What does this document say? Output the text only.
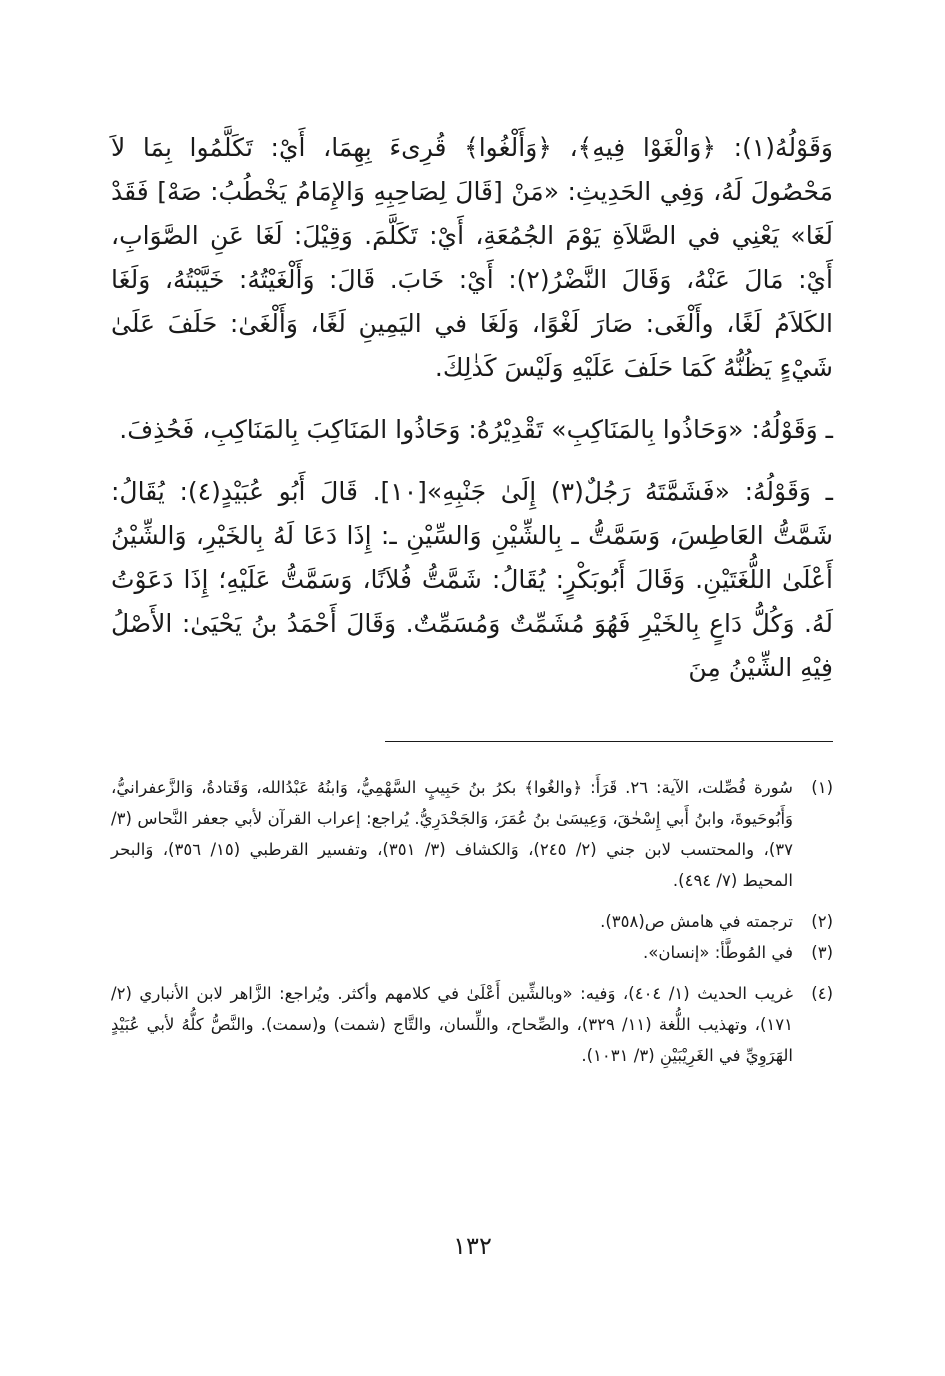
وَقَوْلُهُ(١): ﴿وَالْغَوْا فِيهِ﴾، ﴿وَأَلْغُوا﴾ قُرِىءَ بِهِمَا، أَيْ: تَكَلَّمُوا بِمَا لاَ مَحْصُولَ لَهُ، وَفِي الحَدِيثِ: «مَنْ [قَالَ لِصَاحِبِهِ وَالإِمَامُ يَخْطُبُ: صَهْ] فَقَدْ لَغَا» يَعْنِي في الصَّلاَةِ يَوْمَ الجُمُعَةِ، أَيْ: تَكَلَّمَ. وَقِيْلَ: لَغَا عَنِ الصَّوَابِ، أَيْ: مَالَ عَنْهُ، وَقَالَ النَّضْرُ(٢): أَيْ: خَابَ. قَالَ: وَأَلْغَيْتُهُ: خَيَّبْتُهُ، وَلَغَا الكَلاَمُ لَغًا، وأَلْغَى: صَارَ لَغْوًا، وَلَغَا في اليَمِينِ لَغًا، وَأَلْغَىٰ: حَلَفَ عَلَىٰ شَيْءٍ يَظُنُّهُ كَمَا حَلَفَ عَلَيْهِ وَلَيْسَ كَذٰلِكَ.

ـ وَقَوْلُهُ: «وَحَاذُوا بِالمَنَاكِبِ» تَقْدِيْرُهُ: وَحَاذُوا المَنَاكِبَ بِالمَنَاكِبِ، فَحُذِفَ.

ـ وَقَوْلُهُ: «فَشَمَّتَهُ رَجُلٌ(٣) إِلَىٰ جَنْبِهِ»[١٠]. قَالَ أَبُو عُبَيْدٍ(٤): يُقَالُ: شَمَّتُّ العَاطِسَ، وَسَمَّتُّ ـ بِالشِّيْنِ وَالسِّيْنِ ـ: إِذَا دَعَا لَهُ بِالخَيْرِ، وَالشِّيْنُ أَعْلَىٰ اللُّغَتَيْنِ. وَقَالَ أَبُوبَكْرٍ: يُقَالُ: شَمَّتُّ فُلاَنًا، وَسَمَّتُّ عَلَيْهِ؛ إِذَا دَعَوْتُ لَهُ. وَكُلُّ دَاعٍ بِالخَيْرِ فَهُوَ مُشَمِّتٌ وَمُسَمِّتٌ. وَقَالَ أَحْمَدُ بنُ يَحْيَىٰ: الأَصْلُ فِيْهِ الشِّيْنُ مِنَ

(١)
سُورة فُصِّلت، الآية: ٢٦. قَرَأَ: ﴿والغُوا﴾ بكرُ بنُ حَبِيبٍ السَّهْمِيُّ، وَابنُهُ عَبْدُالله، وَقَتادةُ، وَالزَّعفرانيُّ، وَأَبُوحَيوةَ، وابنُ أَبي إِسْحٰقَ، وَعِيسَىٰ بنُ عُمَرَ، وَالجَحْدَرِيُّ. يُراجع: إعراب القرآن لأبي جعفر النَّحاس (٣/ ٣٧)، والمحتسب لابن جني (٢/ ٢٤٥)، وَالكشاف (٣/ ٣٥١)، وتفسير القرطبي (١٥/ ٣٥٦)، وَالبحر المحيط (٧/ ٤٩٤).

(٢)
ترجمته في هامش ص(٣٥٨).

(٣)
في المُوطَّأ: «إنسان».

(٤)
غريب الحديث (١/ ٤٠٤)، وَفيه: «وبالشِّين أَعْلَىٰ في كلامهم وأكثر. ويُراجع: الزَّاهر لابن الأنباري (٢/ ١٧١)، وتهذيب اللُّغة (١١/ ٣٢٩)، والصِّحاح، واللِّسان، والتَّاج (شمت) و(سمت). والنَّصُّ كلُّهُ لأبي عُبَيْدٍ الهَرَوِيِّ في الغَرِيْبَيْنِ (٣/ ١٠٣١).

١٣٢
